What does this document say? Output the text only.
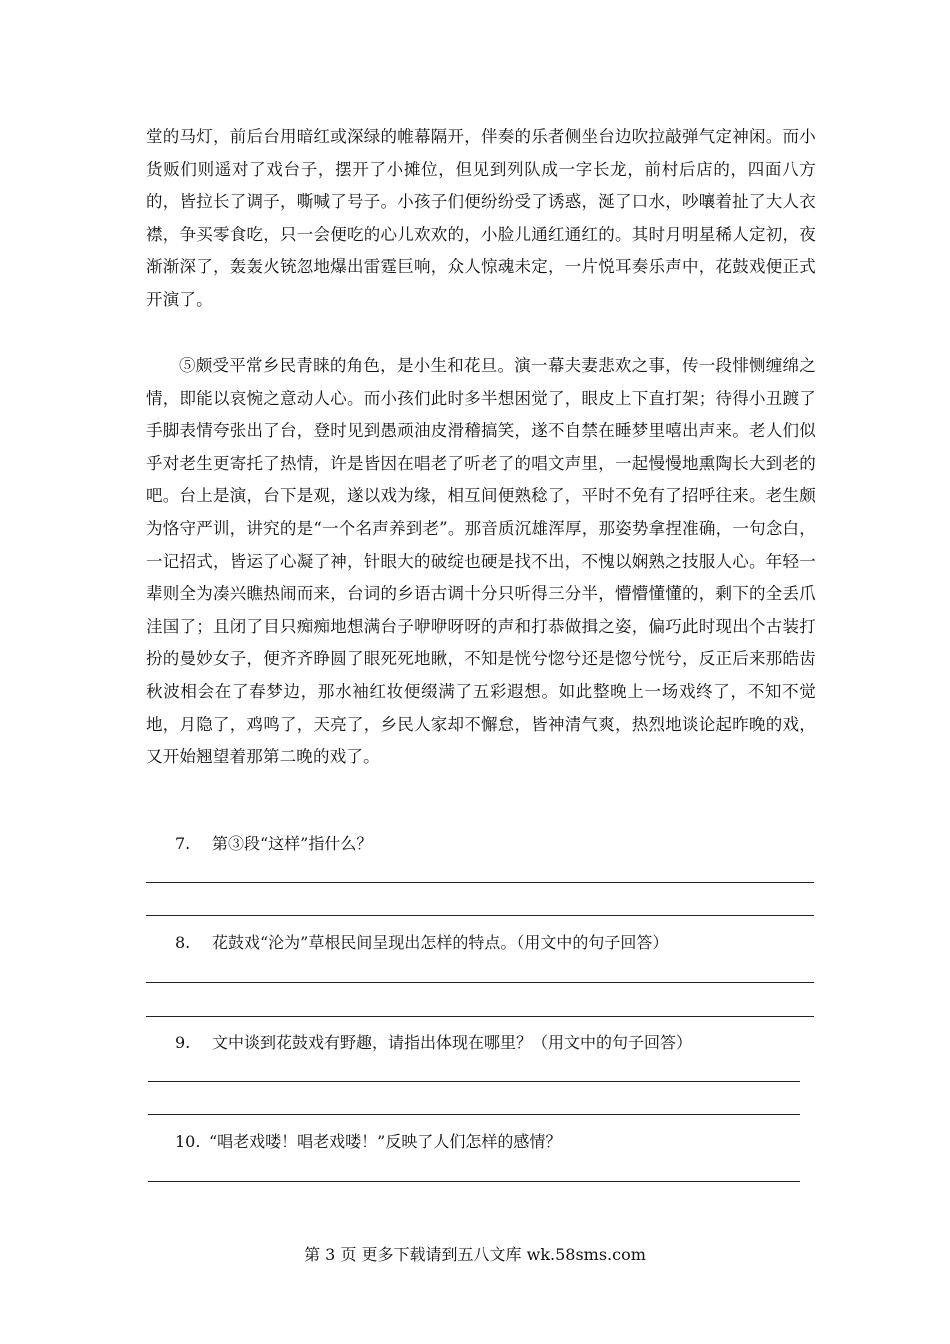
堂的马灯，前后台用暗红或深绿的帷幕隔开，伴奏的乐者侧坐台边吹拉敲弹气定神闲。而小货贩们则遥对了戏台子，摆开了小摊位，但见到列队成一字长龙，前村后店的，四面八方的，皆拉长了调子，嘶喊了号子。小孩子们便纷纷受了诱惑，涎了口水，吵嚷着扯了大人衣襟，争买零食吃，只一会便吃的心儿欢欢的，小脸儿通红通红的。其时月明星稀人定初，夜渐渐深了，轰轰火铳忽地爆出雷霆巨响，众人惊魂未定，一片悦耳奏乐声中，花鼓戏便正式开演了。

⑤颇受平常乡民青睐的角色，是小生和花旦。演一幕夫妻悲欢之事，传一段悱恻缠绵之情，即能以哀惋之意动人心。而小孩们此时多半想困觉了，眼皮上下直打架；待得小丑踱了手脚表情夸张出了台，登时见到愚顽油皮滑稽搞笑，遂不自禁在睡梦里嘻出声来。老人们似乎对老生更寄托了热情，许是皆因在唱老了听老了的唱文声里，一起慢慢地熏陶长大到老的吧。台上是演，台下是观，遂以戏为缘，相互间便熟稔了，平时不免有了招呼往来。老生颇为恪守严训，讲究的是“一个名声养到老”。那音质沉雄浑厚，那姿势拿捏准确，一句念白，一记招式，皆运了心凝了神，针眼大的破绽也硬是找不出，不愧以娴熟之技服人心。年轻一辈则全为凑兴瞧热闹而来，台词的乡语古调十分只听得三分半，懵懵懂懂的，剩下的全丢爪洼国了；且闭了目只痴痴地想满台子咿咿呀呀的声和打恭做揖之姿，偏巧此时现出个古装打扮的曼妙女子，便齐齐睁圆了眼死死地瞅，不知是恍兮惚兮还是惚兮恍兮，反正后来那皓齿秋波相会在了春梦边，那水袖红妆便缀满了五彩遐想。如此整晚上一场戏终了，不知不觉地，月隐了，鸡鸣了，天亮了，乡民人家却不懈怠，皆神清气爽，热烈地谈论起昨晚的戏，又开始翘望着那第二晚的戏了。

7. 第③段“这样”指什么？
8. 花鼓戏“沦为”草根民间呈现出怎样的特点。（用文中的句子回答）
9. 文中谈到花鼓戏有野趣，请指出体现在哪里？（用文中的句子回答）
10. “唱老戏喽！唱老戏喽！”反映了人们怎样的感情？
第 3 页 更多下载请到五八文库 wk.58sms.com
